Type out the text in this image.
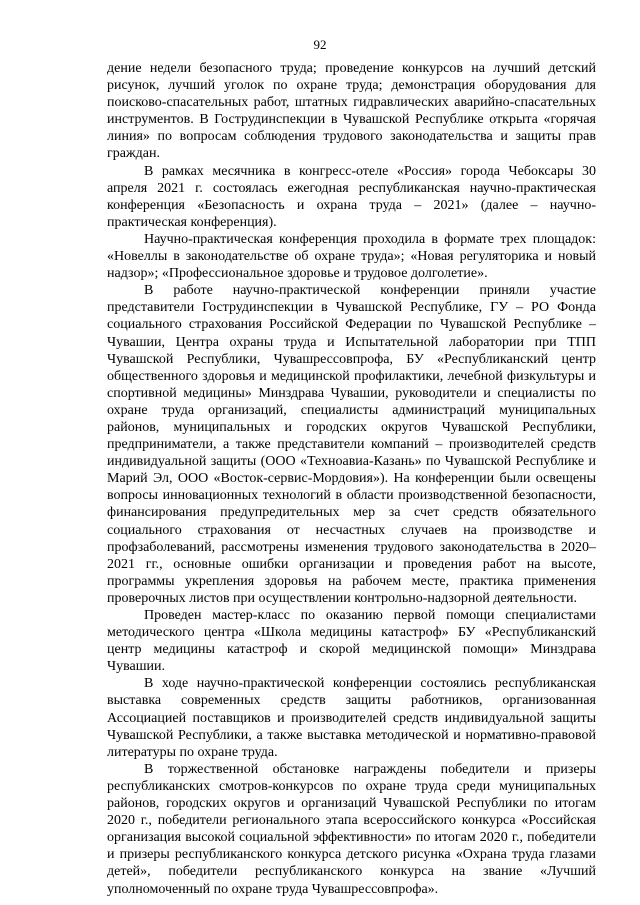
92

дение недели безопасного труда; проведение конкурсов на лучший детский рисунок, лучший уголок по охране труда; демонстрация оборудования для поисково-спасательных работ, штатных гидравлических аварийно-спасательных инструментов. В Гострудинспекции в Чувашской Республике открыта «горячая линия» по вопросам соблюдения трудового законодательства и защиты прав граждан.

В рамках месячника в конгресс-отеле «Россия» города Чебоксары 30 апреля 2021 г. состоялась ежегодная республиканская научно-практическая конференция «Безопасность и охрана труда – 2021» (далее – научно-практическая конференция).

Научно-практическая конференция проходила в формате трех площадок: «Новеллы в законодательстве об охране труда»; «Новая регуляторика и новый надзор»; «Профессиональное здоровье и трудовое долголетие».

В работе научно-практической конференции приняли участие представители Гострудинспекции в Чувашской Республике, ГУ – РО Фонда социального страхования Российской Федерации по Чувашской Республике – Чувашии, Центра охраны труда и Испытательной лаборатории при ТПП Чувашской Республики, Чувашрессовпрофа, БУ «Республиканский центр общественного здоровья и медицинской профилактики, лечебной физкультуры и спортивной медицины» Минздрава Чувашии, руководители и специалисты по охране труда организаций, специалисты администраций муниципальных районов, муниципальных и городских округов Чувашской Республики, предприниматели, а также представители компаний – производителей средств индивидуальной защиты (ООО «Техноавиа-Казань» по Чувашской Республике и Марий Эл, ООО «Восток-сервис-Мордовия»). На конференции были освещены вопросы инновационных технологий в области производственной безопасности, финансирования предупредительных мер за счет средств обязательного социального страхования от несчастных случаев на производстве и профзаболеваний, рассмотрены изменения трудового законодательства в 2020–2021 гг., основные ошибки организации и проведения работ на высоте, программы укрепления здоровья на рабочем месте, практика применения проверочных листов при осуществлении контрольно-надзорной деятельности.

Проведен мастер-класс по оказанию первой помощи специалистами методического центра «Школа медицины катастроф» БУ «Республиканский центр медицины катастроф и скорой медицинской помощи» Минздрава Чувашии.

В ходе научно-практической конференции состоялись республиканская выставка современных средств защиты работников, организованная Ассоциацией поставщиков и производителей средств индивидуальной защиты Чувашской Республики, а также выставка методической и нормативно-правовой литературы по охране труда.

В торжественной обстановке награждены победители и призеры республиканских смотров-конкурсов по охране труда среди муниципальных районов, городских округов и организаций Чувашской Республики по итогам 2020 г., победители регионального этапа всероссийского конкурса «Российская организация высокой социальной эффективности» по итогам 2020 г., победители и призеры республиканского конкурса детского рисунка «Охрана труда глазами детей», победители республиканского конкурса на звание «Лучший уполномоченный по охране труда Чувашрессовпрофа».
